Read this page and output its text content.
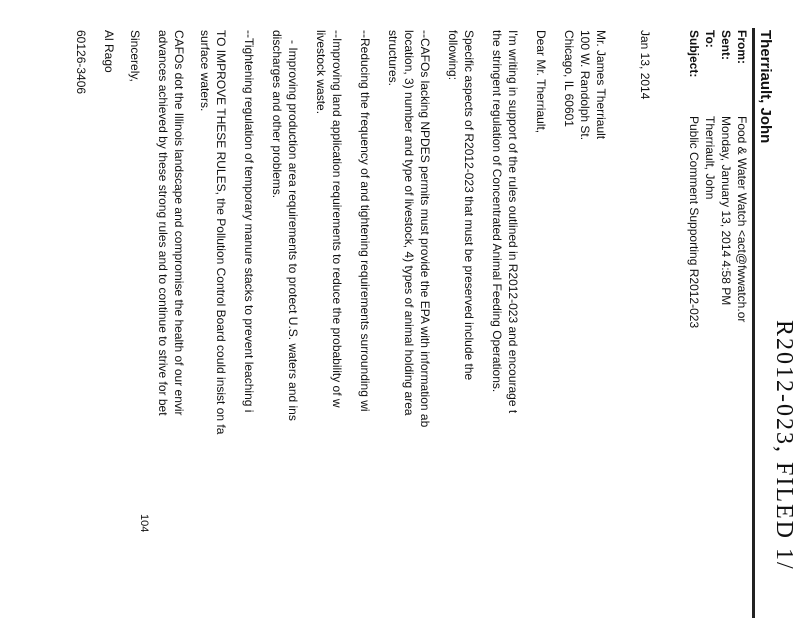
R2012-023, FILED 1/
Therriault, John
From:
Food & Water Watch <act@fwwatch.or
Sent:
Monday, January 13, 2014 4:58 PM
To:
Therriault, John
Subject:
Public Comment Supporting R2012-023
Jan 13, 2014
Mr. James Therriault
100 W. Randolph St.
Chicago, IL 60601
Dear Mr. Therriault,
I'm writing in support of the rules outlined in R2012-023 and encourage t
the stringent regulation of Concentrated Animal Feeding Operations.
Specific aspects of R2012-023 that must be preserved include the
following:
--CAFOs lacking NPDES permits must provide the EPA with information ab
location, 3) number and type of livestock, 4) types of animal holding area
structures.
--Reducing the frequency of and tightening requirements surrounding wi
--Improving land application requirements to reduce the probability of w
livestock waste.
- Improving production area requirements to protect U.S. waters and ins
discharges and other problems.
--Tightening regulation of temporary manure stacks to prevent leaching i
TO IMPROVE THESE RULES, the Pollution Control Board could insist on fa
surface waters.
CAFOs dot the Illinois landscape and compromise the health of our envir
advances achieved by these strong rules and to continue to strive for bet
Sincerely,
Al Rago
60126-3406
104
